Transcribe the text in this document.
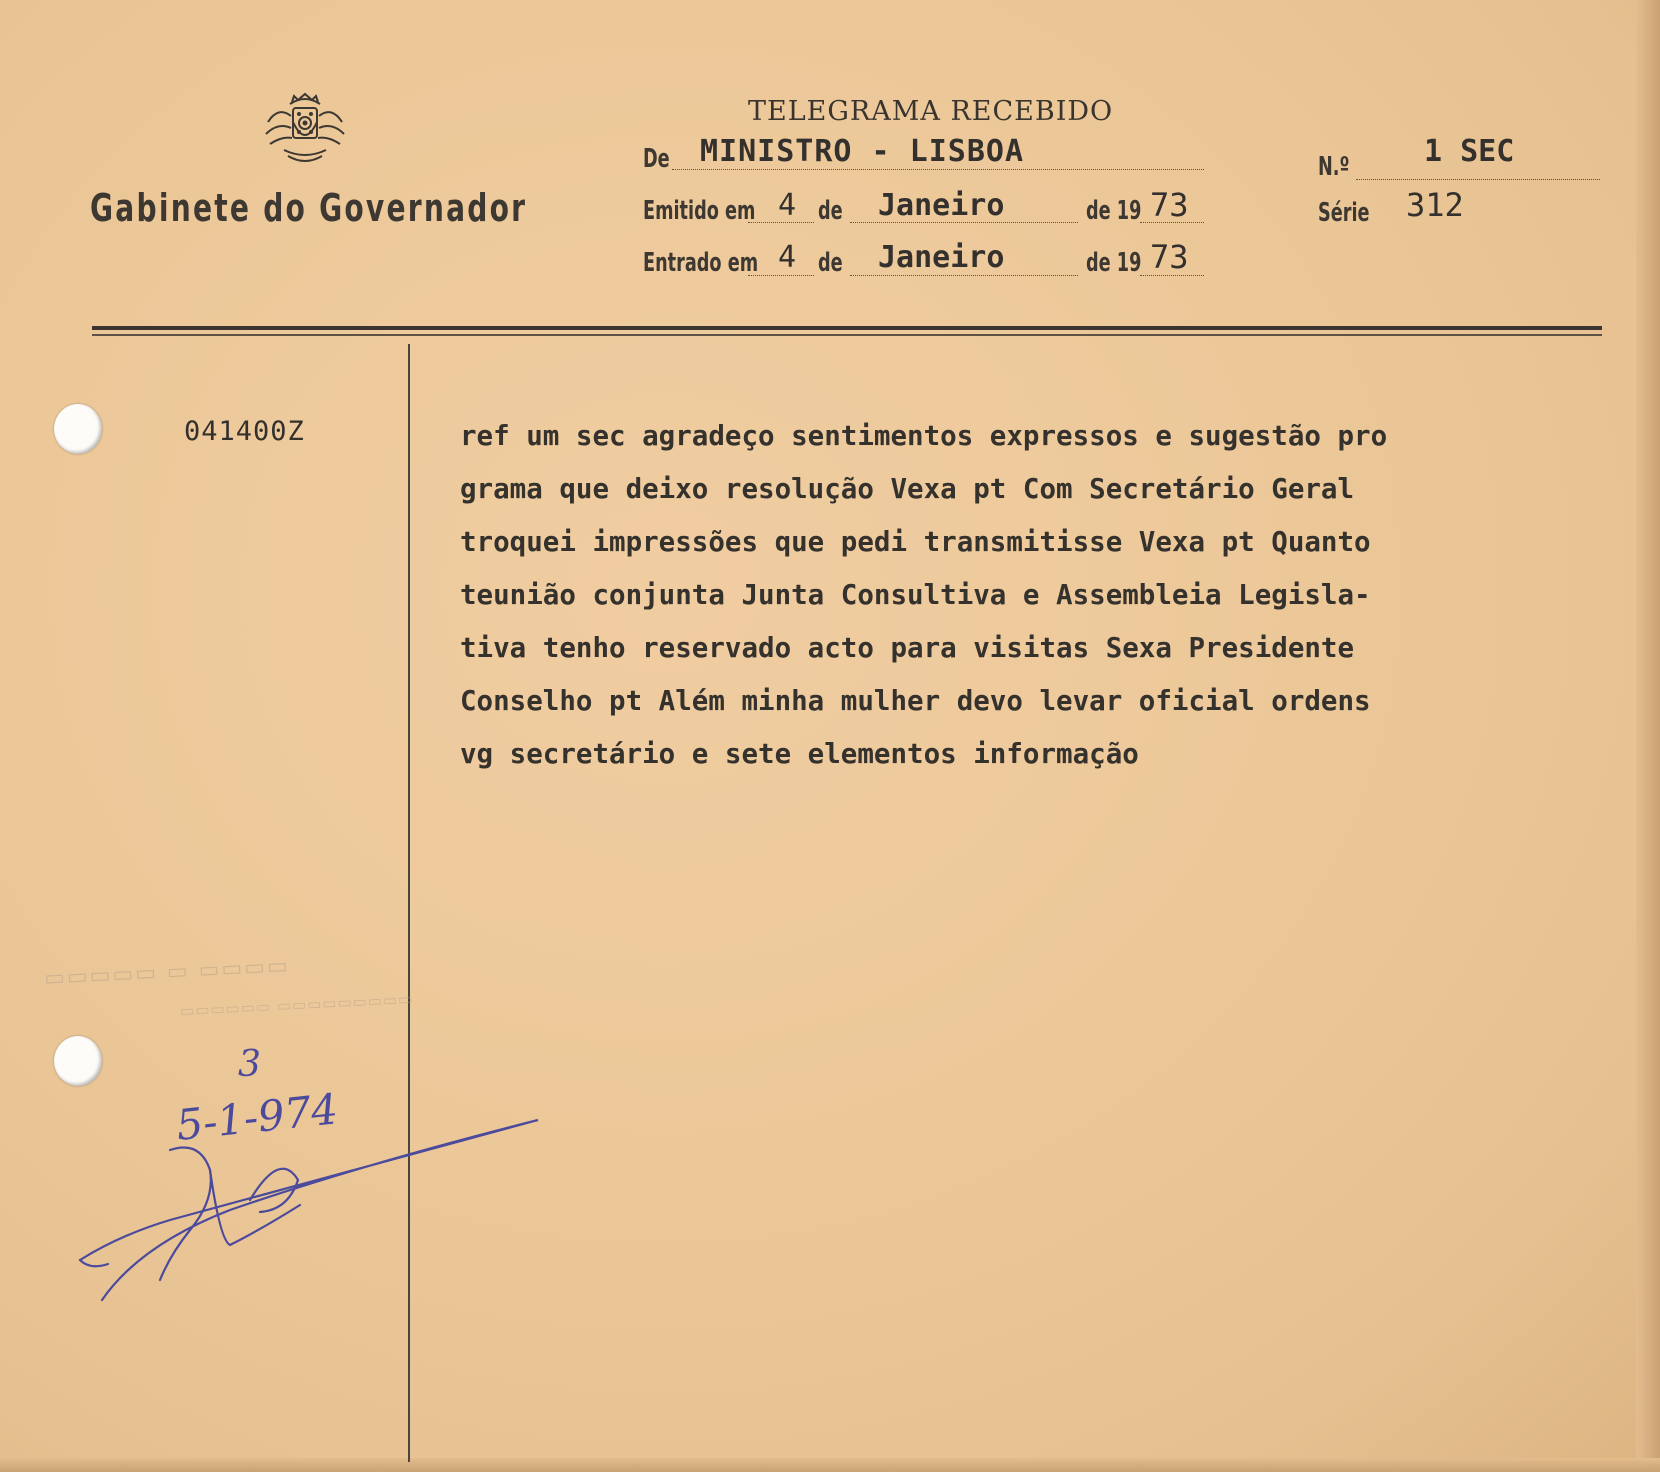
Gabinete do Governador
TELEGRAMA RECEBIDO
De MINISTRO - LISBOA	N.º 1 SEC
Emitido em 4 de Janeiro	de 19 73	Série 312
Entrado em 4 de Janeiro	de 19 73
041400Z	ref um sec agradeço sentimentos expressos e sugestão pro
grama que deixo resolução Vexa pt Com Secretário Geral
troquei impressões que pedi transmitisse Vexa pt Quanto
teunião conjunta Junta Consultiva e Assembleia Legisla-
tiva tenho reservado acto para visitas Sexa Presidente
Conselho pt Além minha mulher devo levar oficial ordens
vg secretário e sete elementos informação
▭▭▭▭▭ ▭ ▭▭▭▭
▭▭▭▭▭▭ ▭▭▭▭▭▭▭▭▭
3
5-1-974
